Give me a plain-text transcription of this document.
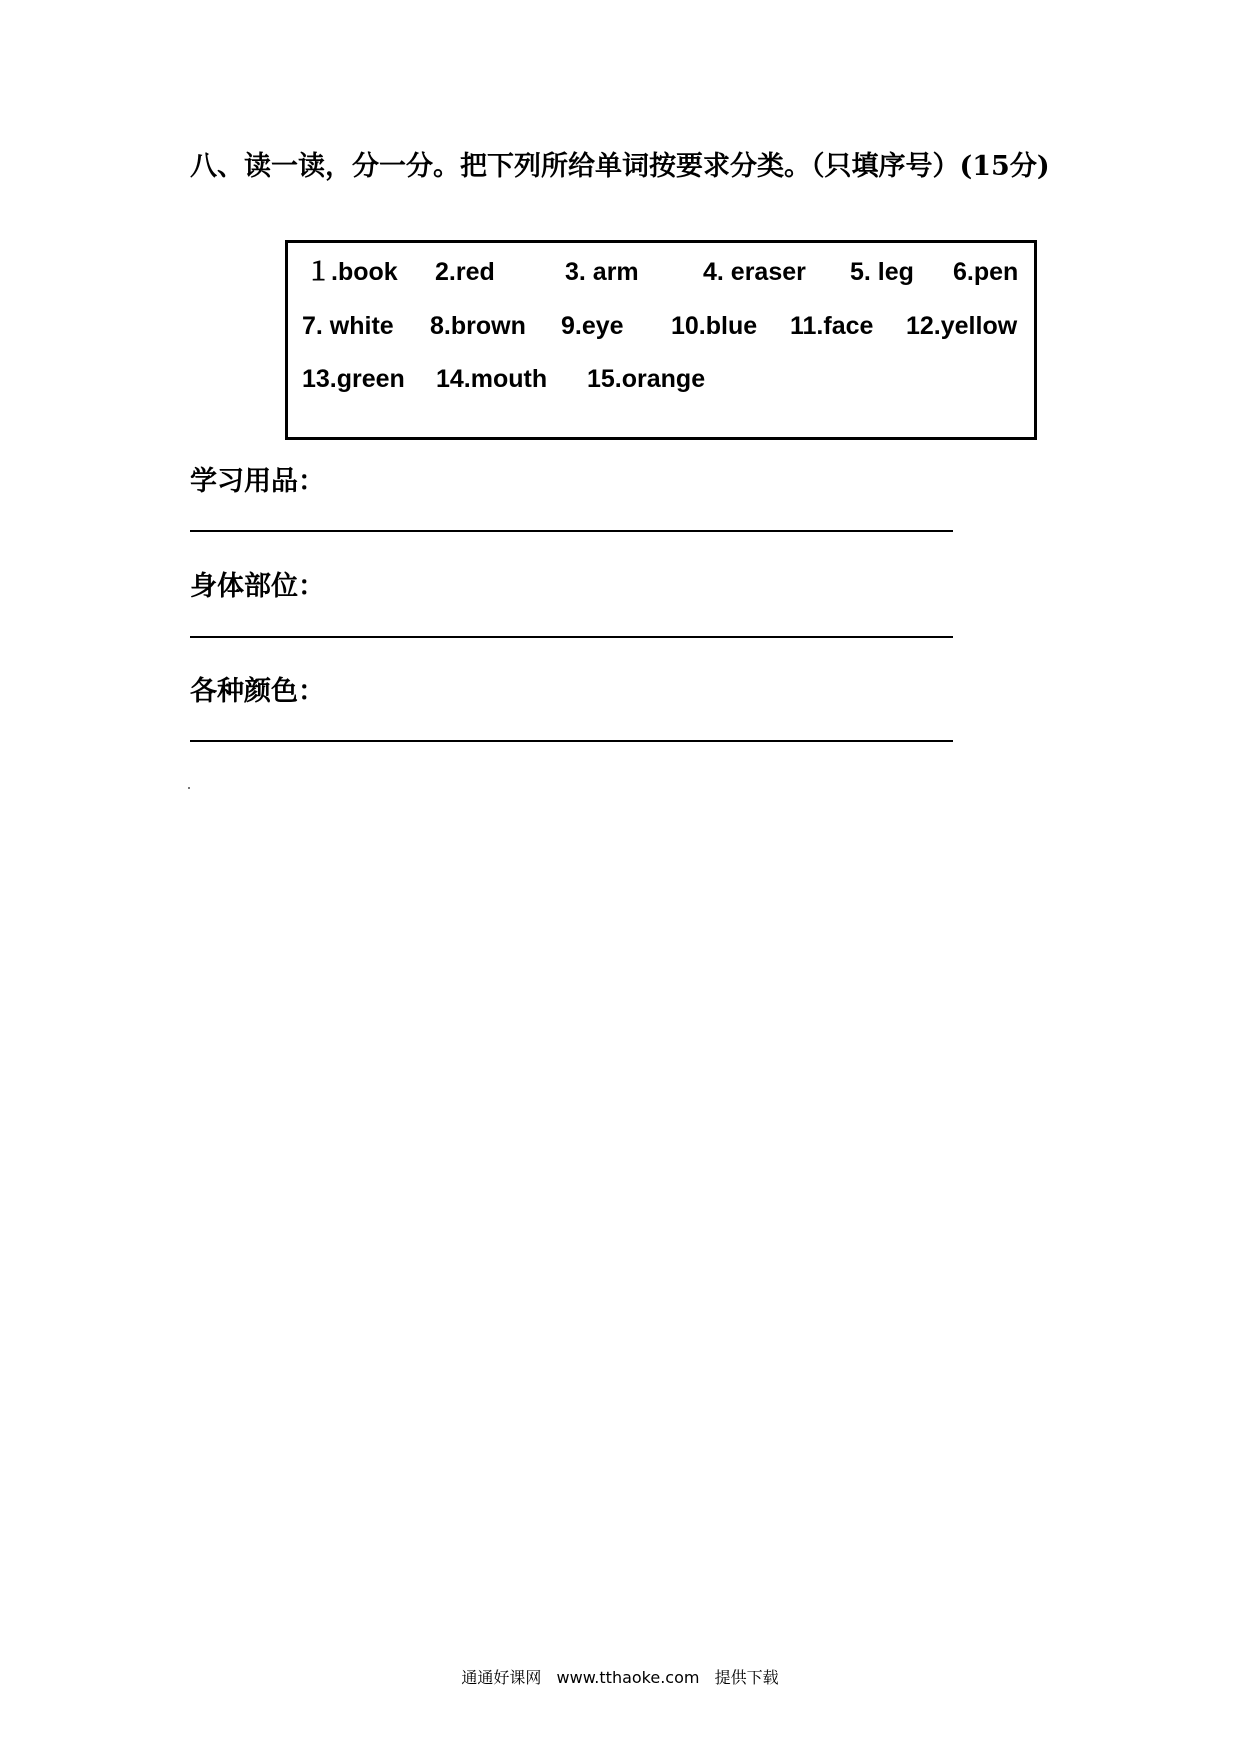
八、读一读，分一分。把下列所给单词按要求分类。（只填序号）(15分)
１.book 2.red	3. arm	4. eraser 5. leg 6.pen
7. white 8.brown 9.eye 10.blue 11.face 12.yellow
13.green 14.mouth 15.orange
学习用品：
身体部位：
各种颜色：
通通好课网 www.tthaoke.com 提供下载
